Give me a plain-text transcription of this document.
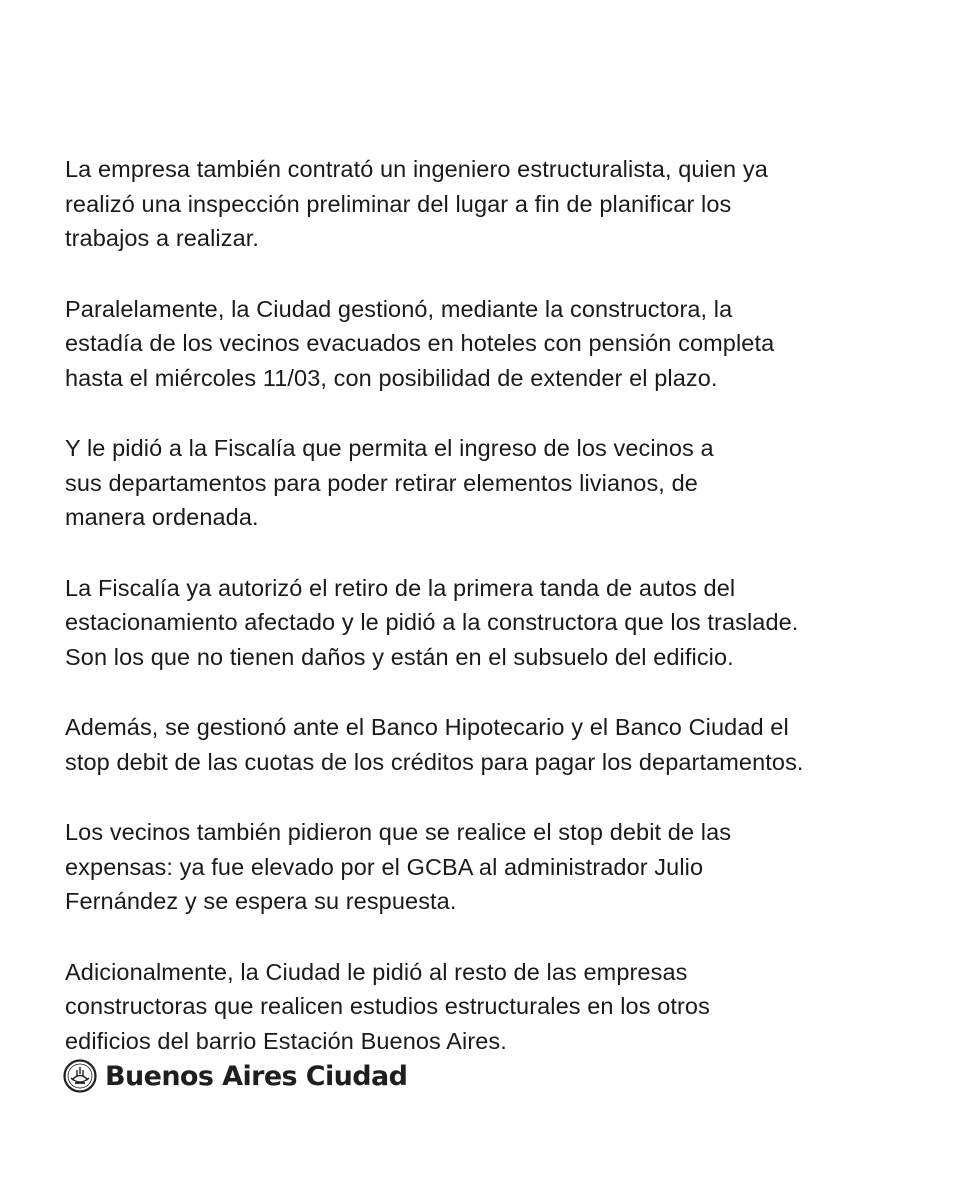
La empresa también contrató un ingeniero estructuralista, quien ya
realizó una inspección preliminar del lugar a fin de planificar los
trabajos a realizar.

Paralelamente, la Ciudad gestionó, mediante la constructora, la
estadía de los vecinos evacuados en hoteles con pensión completa
hasta el miércoles 11/03, con posibilidad de extender el plazo.

Y le pidió a la Fiscalía que permita el ingreso de los vecinos a
sus departamentos para poder retirar elementos livianos, de
manera ordenada.

La Fiscalía ya autorizó el retiro de la primera tanda de autos del
estacionamiento afectado y le pidió a la constructora que los traslade.
Son los que no tienen daños y están en el subsuelo del edificio.

Además, se gestionó ante el Banco Hipotecario y el Banco Ciudad el
stop debit de las cuotas de los créditos para pagar los departamentos.

Los vecinos también pidieron que se realice el stop debit de las
expensas: ya fue elevado por el GCBA al administrador Julio
Fernández y se espera su respuesta.

Adicionalmente, la Ciudad le pidió al resto de las empresas
constructoras que realicen estudios estructurales en los otros
edificios del barrio Estación Buenos Aires.

Buenos Aires Ciudad
